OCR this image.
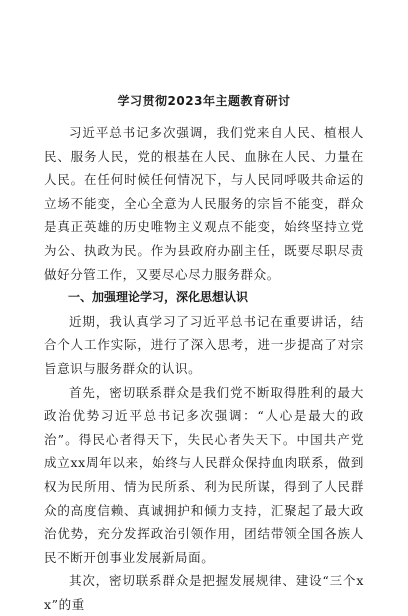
学习贯彻2023年主题教育研讨

习近平总书记多次强调，我们党来自人民、植根人民、服务人民，党的根基在人民、血脉在人民、力量在人民。在任何时候任何情况下，与人民同呼吸共命运的立场不能变，全心全意为人民服务的宗旨不能变，群众是真正英雄的历史唯物主义观点不能变，始终坚持立党为公、执政为民。作为县政府办副主任，既要尽职尽责做好分管工作，又要尽心尽力服务群众。

一、加强理论学习，深化思想认识

近期，我认真学习了习近平总书记在重要讲话，结合个人工作实际，进行了深入思考，进一步提高了对宗旨意识与服务群众的认识。

首先，密切联系群众是我们党不断取得胜利的最大政治优势习近平总书记多次强调：“人心是最大的政治”。得民心者得天下，失民心者失天下。中国共产党成立xx周年以来，始终与人民群众保持血肉联系，做到权为民所用、情为民所系、利为民所谋，得到了人民群众的高度信赖、真诚拥护和倾力支持，汇聚起了最大政治优势，充分发挥政治引领作用，团结带领全国各族人民不断开创事业发展新局面。

其次，密切联系群众是把握发展规律、建设“三个xx”的重
